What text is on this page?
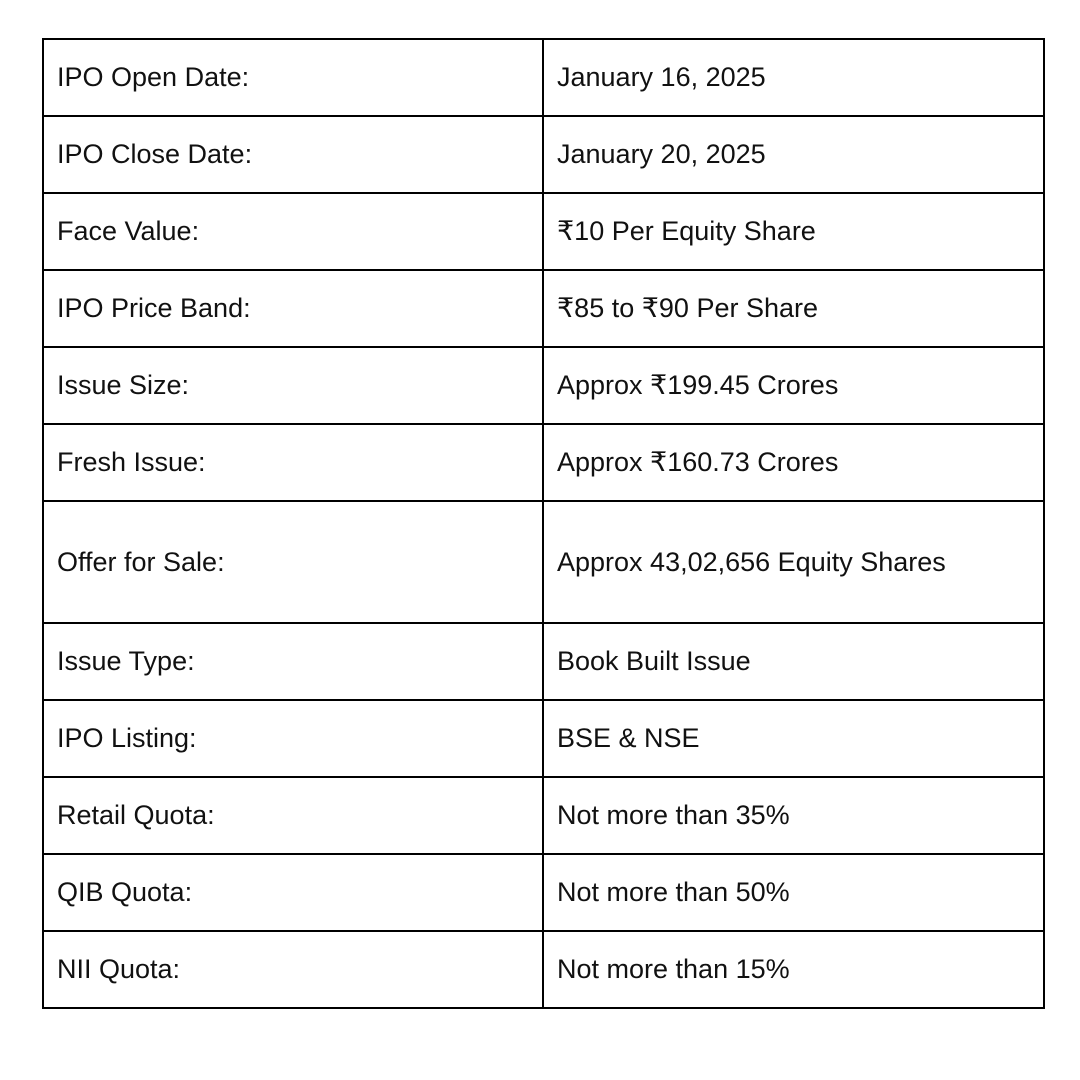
IPO Open Date:	January 16, 2025
IPO Close Date:	January 20, 2025
Face Value:	₹10 Per Equity Share
IPO Price Band:	₹85 to ₹90 Per Share
Issue Size:	Approx ₹199.45 Crores
Fresh Issue:	Approx ₹160.73 Crores
Offer for Sale:	Approx 43,02,656 Equity Shares
Issue Type:	Book Built Issue
IPO Listing:	BSE & NSE
Retail Quota:	Not more than 35%
QIB Quota:	Not more than 50%
NII Quota:	Not more than 15%
